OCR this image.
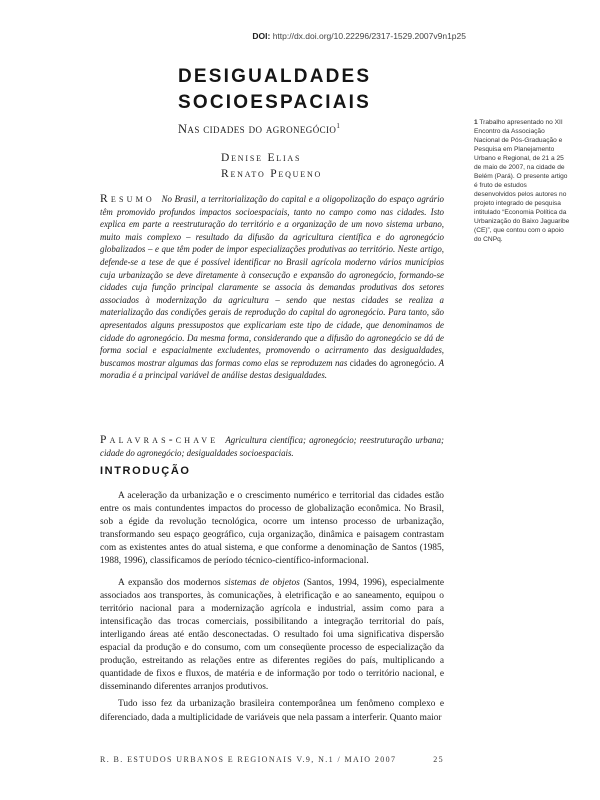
DOI: http://dx.doi.org/10.22296/2317-1529.2007v9n1p25
DESIGUALDADES
SOCIOESPACIAIS
Nas cidades do agronegócio$^1$
Denise Elias
Renato Pequeno
1 Trabalho apresentado no XII Encontro da Associação Nacional de Pós-Graduação e Pesquisa em Planejamento Urbano e Regional, de 21 a 25 de maio de 2007, na cidade de Belém (Pará). O presente artigo é fruto de estudos desenvolvidos pelos autores no projeto integrado de pesquisa intitulado “Economia Política da Urbanização do Baixo Jaguaribe (CE)”, que contou com o apoio do CNPq.

Resumo No Brasil, a territorialização do capital e a oligopolização do espaço agrário têm promovido profundos impactos socioespaciais, tanto no campo como nas cidades. Isto explica em parte a reestruturação do território e a organização de um novo sistema urbano, muito mais complexo – resultado da difusão da agricultura científica e do agronegócio globalizados – e que têm poder de impor especializações produtivas ao território. Neste artigo, defende-se a tese de que é possível identificar no Brasil agrícola moderno vários municípios cuja urbanização se deve diretamente à consecução e expansão do agronegócio, formando-se cidades cuja função principal claramente se associa às demandas produtivas dos setores associados à modernização da agricultura – sendo que nestas cidades se realiza a materialização das condições gerais de reprodução do capital do agronegócio. Para tanto, são apresentados alguns pressupostos que explicariam este tipo de cidade, que denominamos de cidade do agronegócio. Da mesma forma, considerando que a difusão do agronegócio se dá de forma social e espacialmente excludentes, promovendo o acirramento das desigualdades, buscamos mostrar algumas das formas como elas se reproduzem nas cidades do agronegócio. A moradia é a principal variável de análise destas desigualdades.

Palavras-chave Agricultura científica; agronegócio; reestruturação urbana; cidade do agronegócio; desigualdades socioespaciais.

INTRODUÇÃO

A aceleração da urbanização e o crescimento numérico e territorial das cidades estão entre os mais contundentes impactos do processo de globalização econômica. No Brasil, sob a égide da revolução tecnológica, ocorre um intenso processo de urbanização, transformando seu espaço geográfico, cuja organização, dinâmica e paisagem contrastam com as existentes antes do atual sistema, e que conforme a denominação de Santos (1985, 1988, 1996), classificamos de período técnico-científico-informacional.

A expansão dos modernos sistemas de objetos (Santos, 1994, 1996), especialmente associados aos transportes, às comunicações, à eletrificação e ao saneamento, equipou o território nacional para a modernização agrícola e industrial, assim como para a intensificação das trocas comerciais, possibilitando a integração territorial do país, interligando áreas até então desconectadas. O resultado foi uma significativa dispersão espacial da produção e do consumo, com um conseqüente processo de especialização da produção, estreitando as relações entre as diferentes regiões do país, multiplicando a quantidade de fixos e fluxos, de matéria e de informação por todo o território nacional, e disseminando diferentes arranjos produtivos.

Tudo isso fez da urbanização brasileira contemporânea um fenômeno complexo e diferenciado, dada a multiplicidade de variáveis que nela passam a interferir. Quanto maior

R. B. ESTUDOS URBANOS E REGIONAIS V.9, N.1 / MAIO 2007	25
